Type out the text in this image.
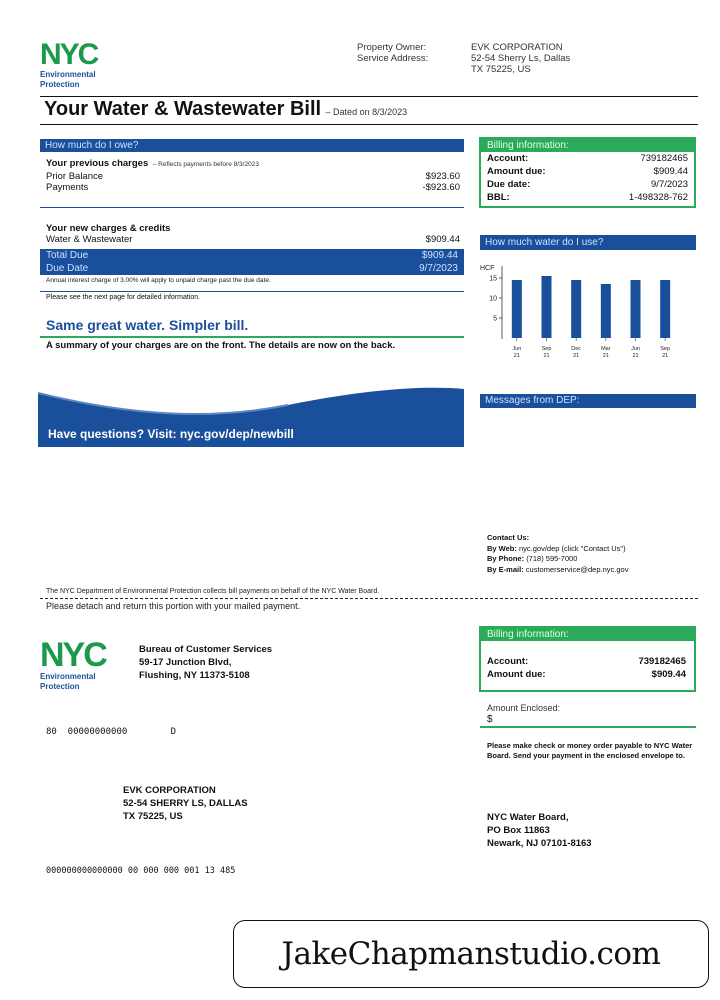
NYC
Environmental
Protection
Property Owner:	EVK CORPORATION
Service Address:	52-54 Sherry Ls, Dallas
TX 75225, US
Your Water & Wastewater Bill – Dated on 8/3/2023
How much do I owe?
Your previous charges – Reflects payments before 8/3/2023
Prior Balance	$923.60
Payments	-$923.60
Your new charges & credits
Water & Wastewater	$909.44
Total Due	$909.44
Due Date	9/7/2023
Annual interest charge of 3.00% will apply to unpaid charge past the due date.
Please see the next page for detailed information.
Same great water. Simpler bill.
A summary of your charges are on the front. The details are now on the back.
Have questions? Visit: nyc.gov/dep/newbill
Billing information:
Account:	739182465
Amount due:	$909.44
Due date:	9/7/2023
BBL:	1-498328-762
How much water do I use?
HCF
5
10
15
Jun
21
Sep
21
Dec
21
Mar
21
Jun
21
Sep
21
Messages from DEP:
Contact Us:
By Web: nyc.gov/dep (click "Contact Us")
By Phone: (718) 595-7000
By E-mail: customerservice@dep.nyc.gov
The NYC Department of Environmental Protection collects bill payments on behalf of the NYC Water Board.
Please detach and return this portion with your mailed payment.
NYC
Environmental
Protection
Bureau of Customer Services
59-17 Junction Blvd,
Flushing, NY 11373-5108
Billing information:
Account:	739182465
Amount due:	$909.44
Amount Enclosed:
$
Please make check or money order payable to NYC Water Board. Send your payment in the enclosed envelope to.
80  00000000000        D
EVK CORPORATION
52-54 SHERRY LS, DALLAS
TX 75225, US	NYC Water Board,
PO Box 11863
Newark, NJ 07101-8163
000000000000000 00 000 000 001 13 485
JakeChapmanstudio.com
